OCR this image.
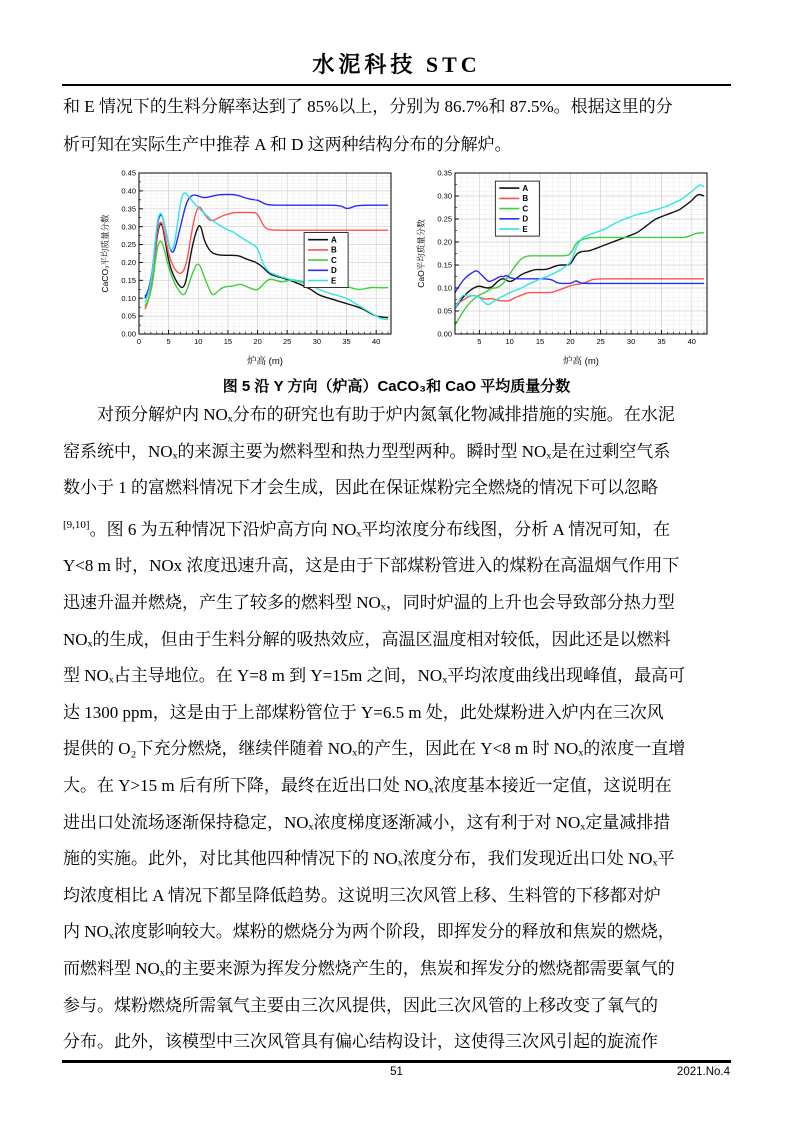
水泥科技 STC
和 E 情况下的生料分解率达到了 85%以上，分别为 86.7%和 87.5%。根据这里的分
析可知在实际生产中推荐 A 和 D 这两种结构分布的分解炉。
0	5	10	15	20	25	30	35	40
0.00
0.05
0.10
0.15
0.20
0.25
0.30
0.35
0.40
0.45
炉高 (m)
CaCO₃平均质量分数	A
B
C
D
E
5	10	15	20	25	30	35	40
0.00
0.05
0.10
0.15
0.20
0.25
0.30
0.35
炉高 (m)
CaO平均质量分数
A
B
C
D
E
图 5 沿 Y 方向（炉高）CaCO₃和 CaO 平均质量分数
对预分解炉内 NOₓ分布的研究也有助于炉内氮氧化物减排措施的实施。在水泥
窑系统中，NOₓ的来源主要为燃料型和热力型型两种。瞬时型 NOₓ是在过剩空气系
数小于 1 的富燃料情况下才会生成，因此在保证煤粉完全燃烧的情况下可以忽略
[9,10]。图 6 为五种情况下沿炉高方向 NOₓ平均浓度分布线图，分析 A 情况可知，在
Y<8 m 时，NOx 浓度迅速升高，这是由于下部煤粉管进入的煤粉在高温烟气作用下
迅速升温并燃烧，产生了较多的燃料型 NOₓ，同时炉温的上升也会导致部分热力型
NOₓ的生成，但由于生料分解的吸热效应，高温区温度相对较低，因此还是以燃料
型 NOₓ占主导地位。在 Y=8 m 到 Y=15m 之间，NOₓ平均浓度曲线出现峰值，最高可
达 1300 ppm，这是由于上部煤粉管位于 Y=6.5 m 处，此处煤粉进入炉内在三次风
提供的 O₂下充分燃烧，继续伴随着 NOₓ的产生，因此在 Y<8 m 时 NOₓ的浓度一直增
大。在 Y>15 m 后有所下降，最终在近出口处 NOₓ浓度基本接近一定值，这说明在
进出口处流场逐渐保持稳定，NOₓ浓度梯度逐渐减小，这有利于对 NOₓ定量减排措
施的实施。此外，对比其他四种情况下的 NOₓ浓度分布，我们发现近出口处 NOₓ平
均浓度相比 A 情况下都呈降低趋势。这说明三次风管上移、生料管的下移都对炉
内 NOₓ浓度影响较大。煤粉的燃烧分为两个阶段，即挥发分的释放和焦炭的燃烧，
而燃料型 NOₓ的主要来源为挥发分燃烧产生的，焦炭和挥发分的燃烧都需要氧气的
参与。煤粉燃烧所需氧气主要由三次风提供，因此三次风管的上移改变了氧气的
分布。此外，该模型中三次风管具有偏心结构设计，这使得三次风引起的旋流作
51	2021.No.4
